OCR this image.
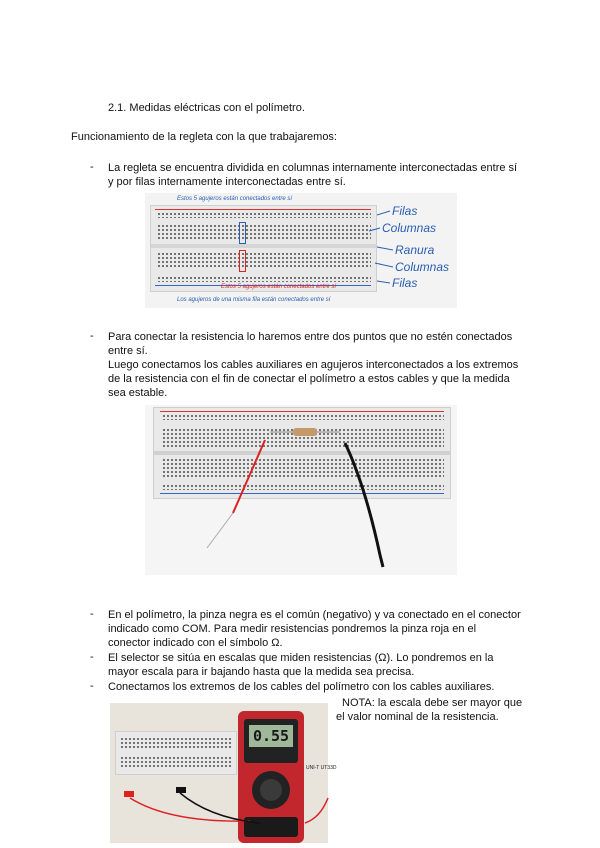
2.1. Medidas eléctricas con el polímetro.
Funcionamiento de la regleta con la que trabajaremos:
- La regleta se encuentra dividida en columnas internamente interconectadas entre sí
y por filas internamente interconectadas entre sí.
Estos 5 agujeros están conectados entre sí
Estos 5 agujeros están conectados entre sí
Los agujeros de una misma fila están conectados entre sí
Filas
Columnas
Ranura
Columnas
Filas
- Para conectar la resistencia lo haremos entre dos puntos que no estén conectados
entre sí.
Luego conectamos los cables auxiliares en agujeros interconectados a los extremos
de la resistencia con el fin de conectar el polímetro a estos cables y que la medida
sea estable.
- En el polímetro, la pinza negra es el común (negativo) y va conectado en el conector
indicado como COM. Para medir resistencias pondremos la pinza roja en el
conector indicado con el símbolo Ω.
- El selector se sitúa en escalas que miden resistencias (Ω). Lo pondremos en la
mayor escala para ir bajando hasta que la medida sea precisa.
- Conectamos los extremos de los cables del polímetro con los cables auxiliares.
NOTA: la escala debe ser mayor que
el valor nominal de la resistencia.
0.55
UNI-T UT33D
